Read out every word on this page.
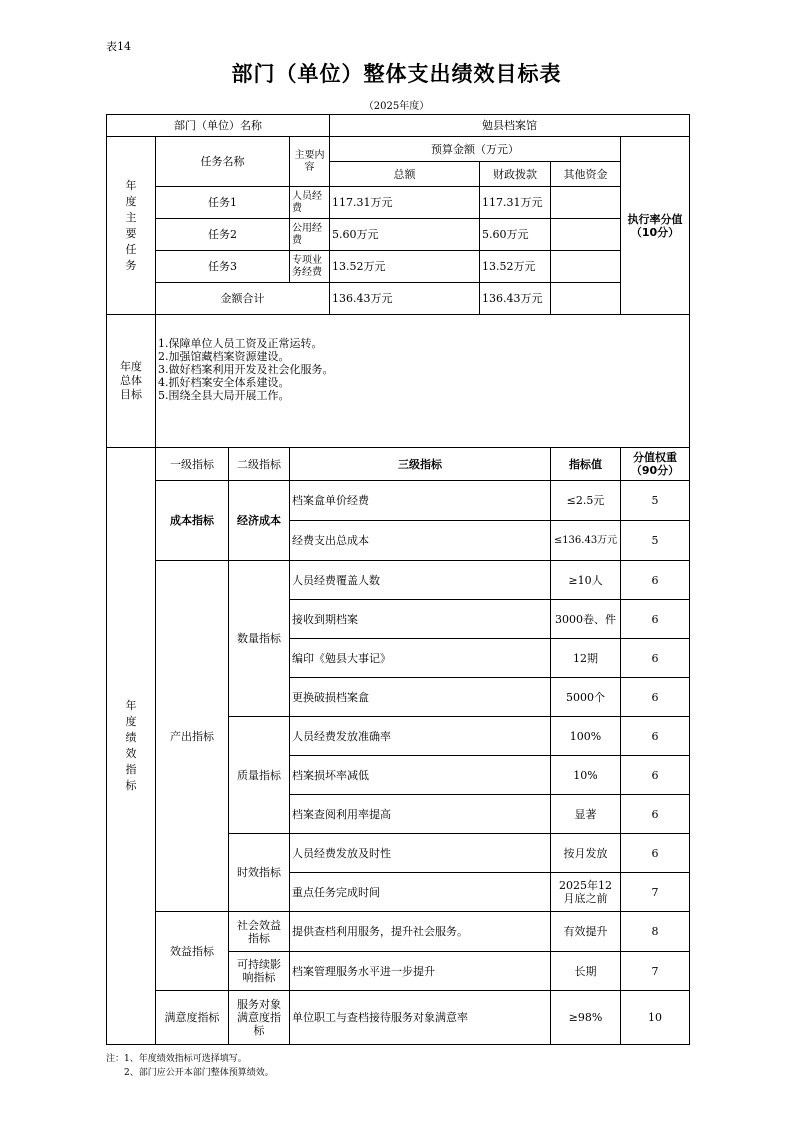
表14
部门（单位）整体支出绩效目标表
（2025年度）
部门（单位）名称				勉县档案馆			

年度主要任务	任务名称		主要内容	预算金额（万元）			执行率分值（10分）

				总额	财政拨款	其他资金	
	任务1		人员经费	117.31万元	117.31万元		
	任务2		公用经费	5.60万元	5.60万元		
	任务3		专项业务经费	13.52万元	13.52万元		
	金额合计			136.43万元	136.43万元		

年度总体目标	1.保障单位人员工资及正常运转。
2.加强馆藏档案资源建设。
3.做好档案利用开发及社会化服务。
4.抓好档案安全体系建设。
5.围绕全县大局开展工作。						

年度绩效指标	一级指标	二级指标	三级指标			指标值	分值权重（90分）

	成本指标	经济成本	档案盒单价经费			≤2.5元	5
			经费支出总成本			≤136.43万元	5
	产出指标	数量指标	人员经费覆盖人数			≥10人	6
			接收到期档案			3000卷、件	6
			编印《勉县大事记》			12期	6
			更换破损档案盒			5000个	6
		质量指标	人员经费发放准确率			100%	6
			档案损坏率减低			10%	6
			档案查阅利用率提高			显著	6
		时效指标	人员经费发放及时性			按月发放	6
			重点任务完成时间			2025年12月底之前	7
	效益指标	社会效益指标	提供查档利用服务，提升社会服务。			有效提升	8

		可持续影响指标	档案管理服务水平进一步提升			长期	7
	满意度指标	服务对象满意度指标	单位职工与查档接待服务对象满意率			≥98%	10
注：1、年度绩效指标可选择填写。
2、部门应公开本部门整体预算绩效。
